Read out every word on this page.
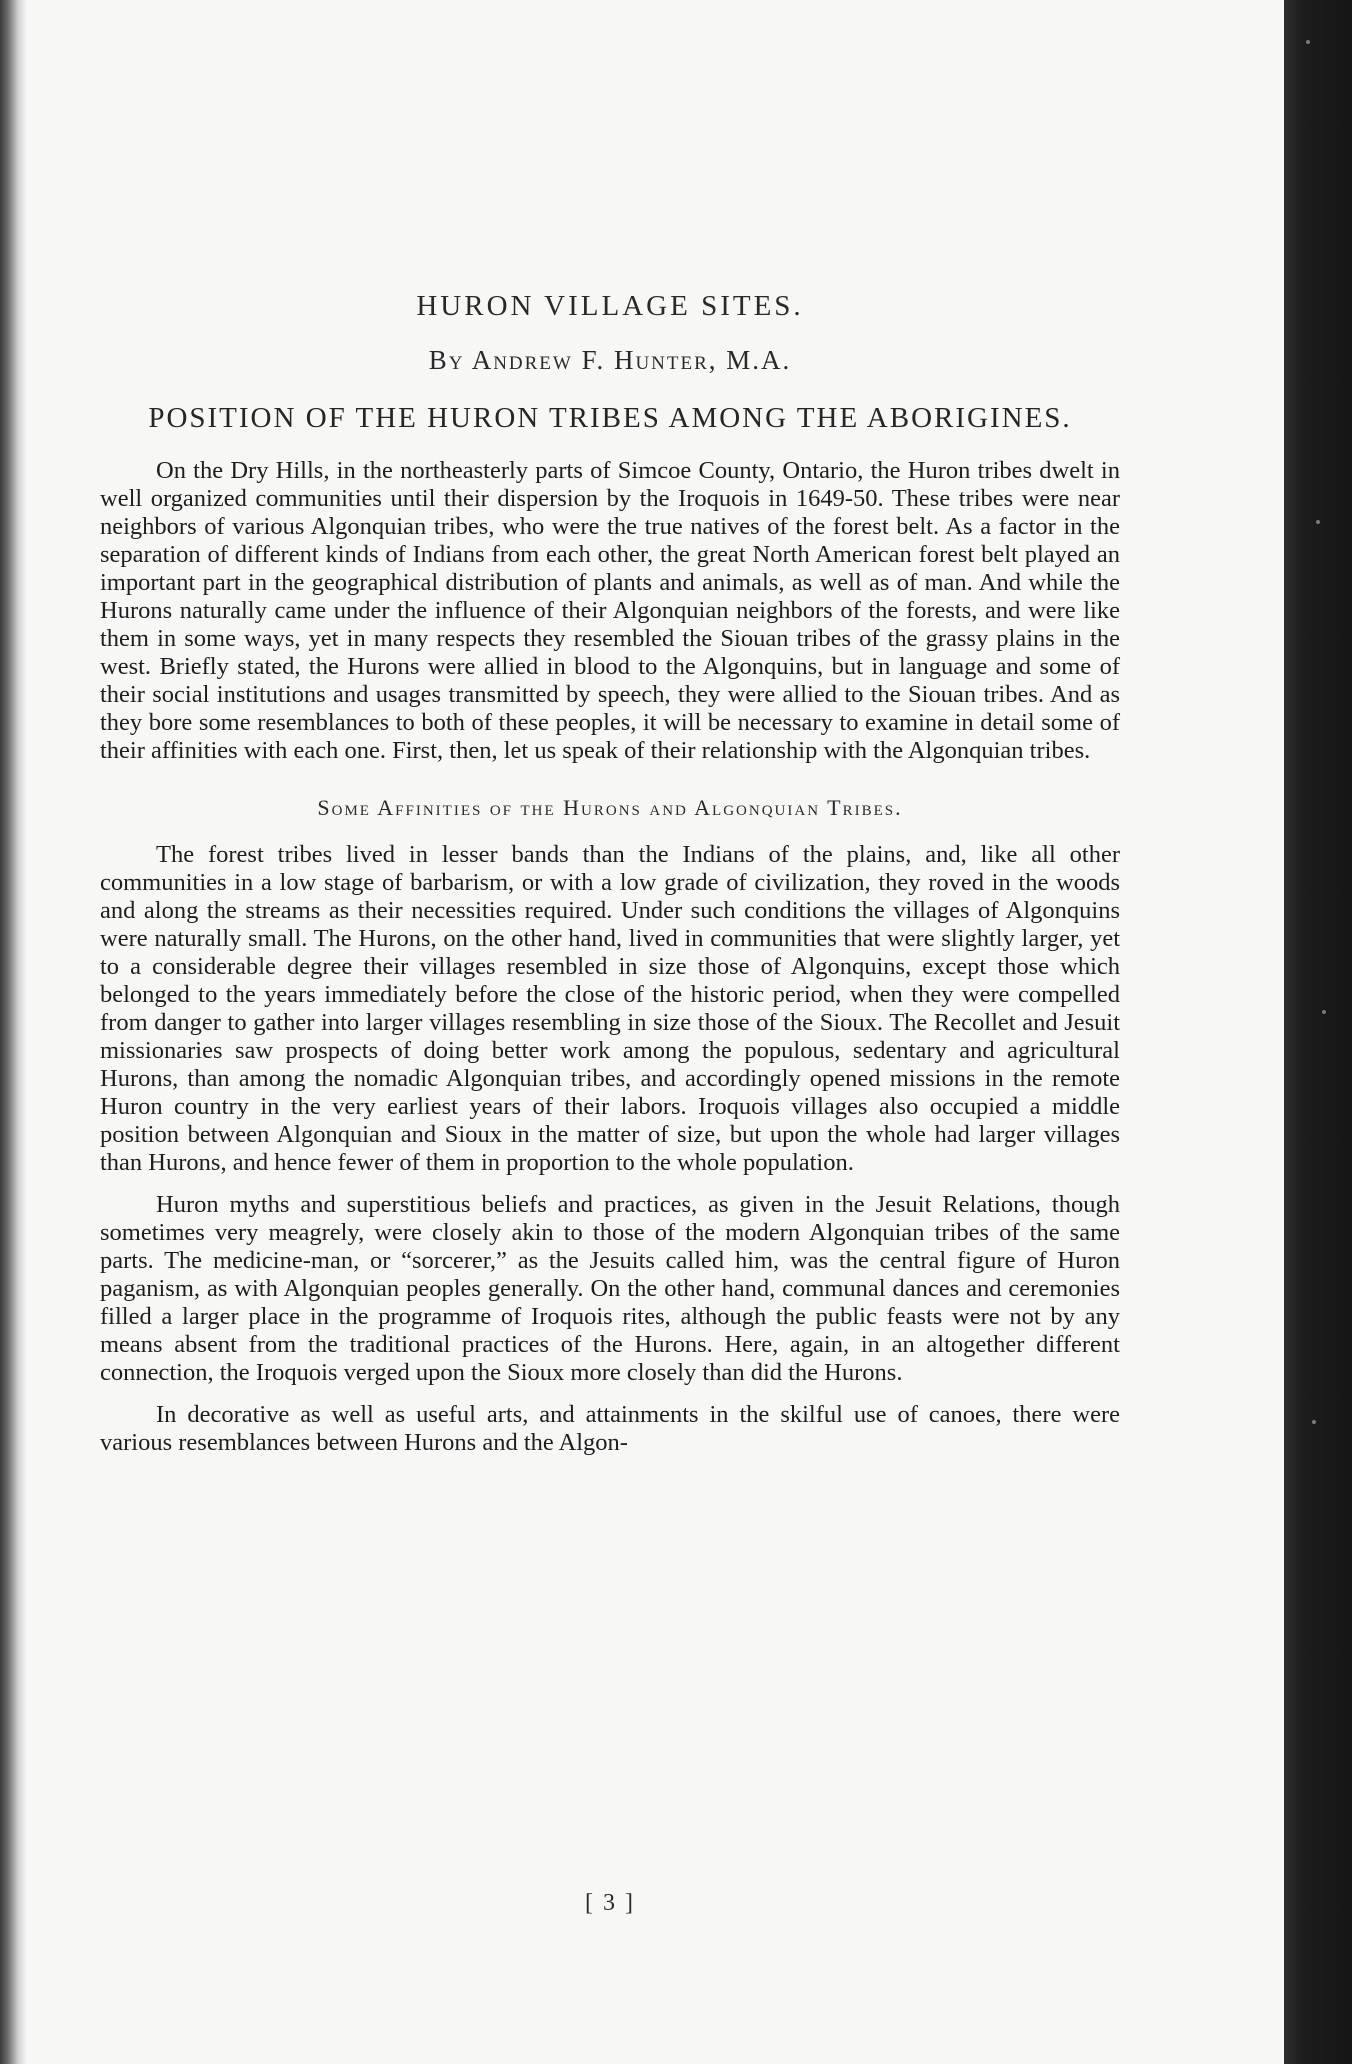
HURON VILLAGE SITES.
By Andrew F. Hunter, M.A.
POSITION OF THE HURON TRIBES AMONG THE ABORIGINES.

On the Dry Hills, in the northeasterly parts of Simcoe County, Ontario, the Huron tribes dwelt in well organized communities until their dispersion by the Iroquois in 1649-50. These tribes were near neighbors of various Algonquian tribes, who were the true natives of the forest belt. As a factor in the separation of different kinds of Indians from each other, the great North American forest belt played an important part in the geographical distribution of plants and animals, as well as of man. And while the Hurons naturally came under the influence of their Algonquian neighbors of the forests, and were like them in some ways, yet in many respects they resembled the Siouan tribes of the grassy plains in the west. Briefly stated, the Hurons were allied in blood to the Algonquins, but in language and some of their social institutions and usages transmitted by speech, they were allied to the Siouan tribes. And as they bore some resemblances to both of these peoples, it will be necessary to examine in detail some of their affinities with each one. First, then, let us speak of their relationship with the Algonquian tribes.

Some Affinities of the Hurons and Algonquian Tribes.

The forest tribes lived in lesser bands than the Indians of the plains, and, like all other communities in a low stage of barbarism, or with a low grade of civilization, they roved in the woods and along the streams as their necessities required. Under such conditions the villages of Algonquins were naturally small. The Hurons, on the other hand, lived in communities that were slightly larger, yet to a considerable degree their villages resembled in size those of Algonquins, except those which belonged to the years immediately before the close of the historic period, when they were compelled from danger to gather into larger villages resembling in size those of the Sioux. The Recollet and Jesuit missionaries saw prospects of doing better work among the populous, sedentary and agricultural Hurons, than among the nomadic Algonquian tribes, and accordingly opened missions in the remote Huron country in the very earliest years of their labors. Iroquois villages also occupied a middle position between Algonquian and Sioux in the matter of size, but upon the whole had larger villages than Hurons, and hence fewer of them in proportion to the whole population.

Huron myths and superstitious beliefs and practices, as given in the Jesuit Relations, though sometimes very meagrely, were closely akin to those of the modern Algonquian tribes of the same parts. The medicine-man, or “sorcerer,” as the Jesuits called him, was the central figure of Huron paganism, as with Algonquian peoples generally. On the other hand, communal dances and ceremonies filled a larger place in the programme of Iroquois rites, although the public feasts were not by any means absent from the traditional practices of the Hurons. Here, again, in an altogether different connection, the Iroquois verged upon the Sioux more closely than did the Hurons.

In decorative as well as useful arts, and attainments in the skilful use of canoes, there were various resemblances between Hurons and the Algon-

[ 3 ]
